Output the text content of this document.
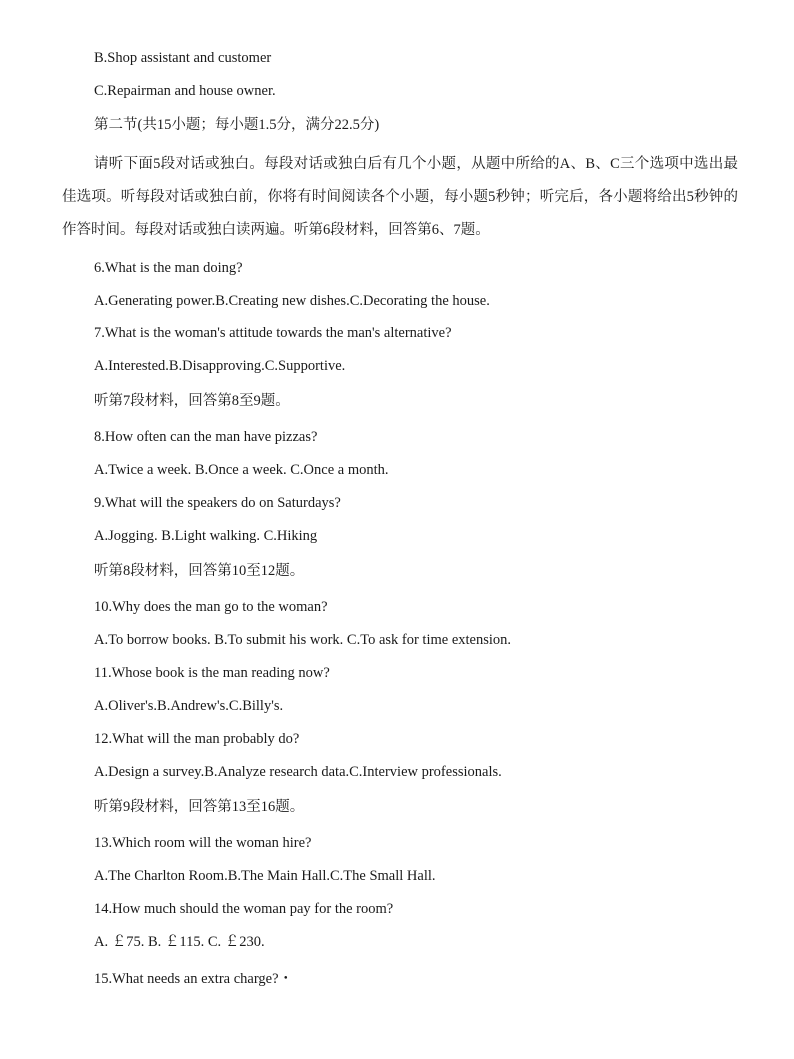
B.Shop assistant and customer
C.Repairman and house owner.
第二节(共15小题；每小题1.5分，满分22.5分)
请听下面5段对话或独白。每段对话或独白后有几个小题，从题中所给的A、B、C三个选项中选出最佳选项。听每段对话或独白前，你将有时间阅读各个小题，每小题5秒钟；听完后，各小题将给出5秒钟的作答时间。每段对话或独白读两遍。听第6段材料，回答第6、7题。
6.What is the man doing?
A.Generating power.B.Creating new dishes.C.Decorating the house.
7.What is the woman's attitude towards the man's alternative?
A.Interested.B.Disapproving.C.Supportive.
听第7段材料，回答第8至9题。
8.How often can the man have pizzas?
A.Twice a week. B.Once a week. C.Once a month.
9.What will the speakers do on Saturdays?
A.Jogging. B.Light walking. C.Hiking
听第8段材料，回答第10至12题。
10.Why does the man go to the woman?
A.To borrow books. B.To submit his work. C.To ask for time extension.
11.Whose book is the man reading now?
A.Oliver's.B.Andrew's.C.Billy's.
12.What will the man probably do?
A.Design a survey.B.Analyze research data.C.Interview professionals.
听第9段材料，回答第13至16题。
13.Which room will the woman hire?
A.The Charlton Room.B.The Main Hall.C.The Small Hall.
14.How much should the woman pay for the room?
A. ￡75. B. ￡115. C. ￡230.
15.What needs an extra charge?・
